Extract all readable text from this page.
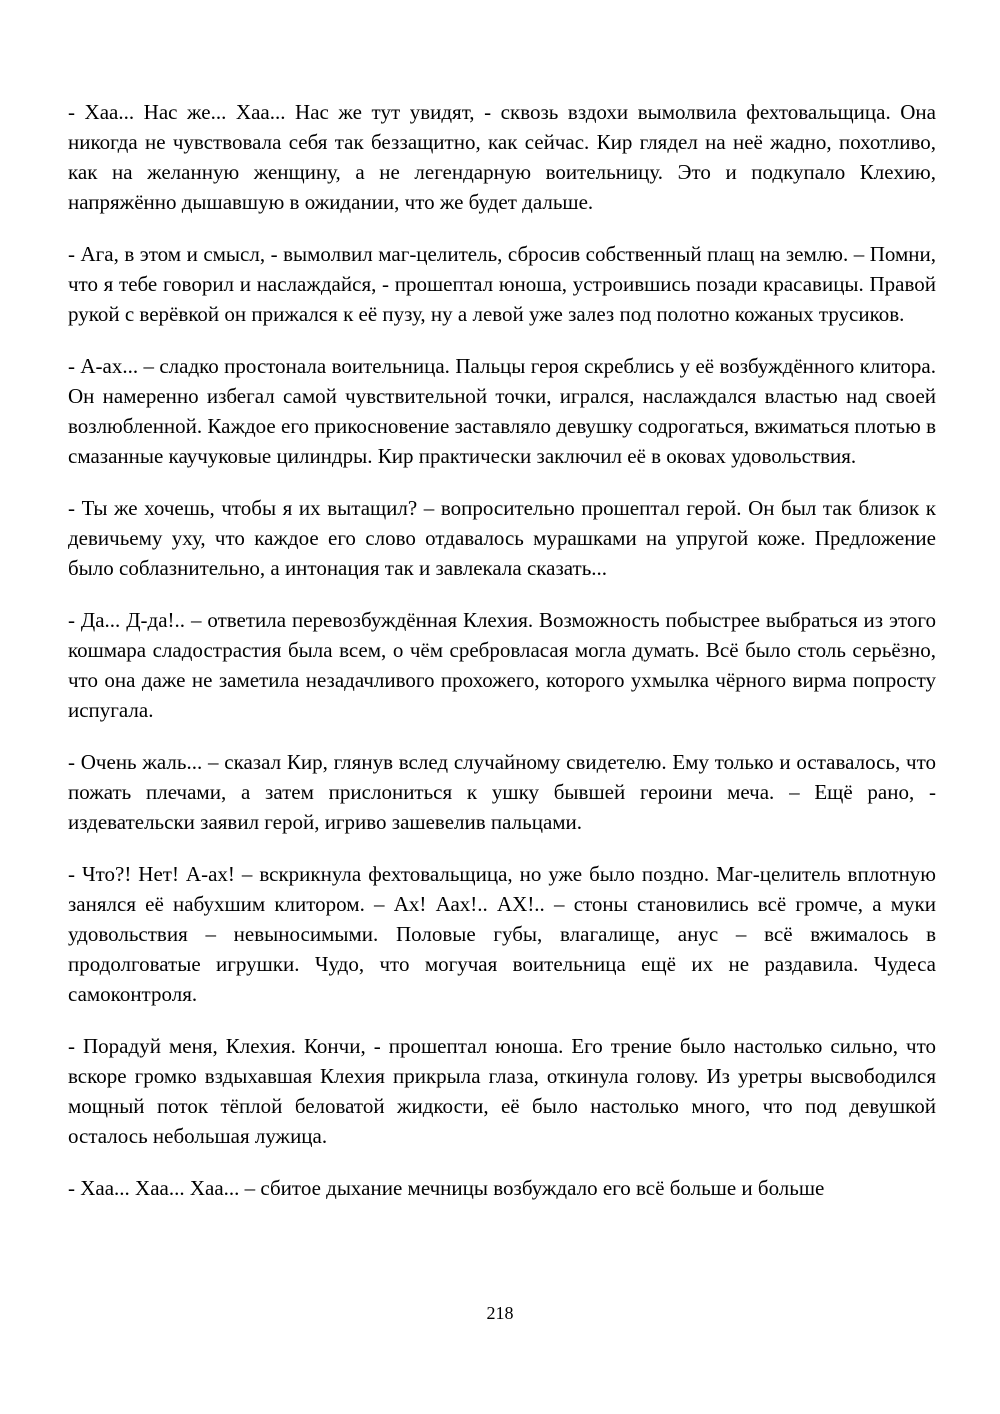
- Хаа... Нас же... Хаа... Нас же тут увидят, - сквозь вздохи вымолвила фехтовальщица. Она никогда не чувствовала себя так беззащитно, как сейчас. Кир глядел на неё жадно, похотливо, как на желанную женщину, а не легендарную воительницу. Это и подкупало Клехию, напряжённо дышавшую в ожидании, что же будет дальше.

- Ага, в этом и смысл, - вымолвил маг-целитель, сбросив собственный плащ на землю. – Помни, что я тебе говорил и наслаждайся, - прошептал юноша, устроившись позади красавицы. Правой рукой с верёвкой он прижался к её пузу, ну а левой уже залез под полотно кожаных трусиков.

- А-ах... – сладко простонала воительница. Пальцы героя скреблись у её возбуждённого клитора. Он намеренно избегал самой чувствительной точки, игрался, наслаждался властью над своей возлюбленной. Каждое его прикосновение заставляло девушку содрогаться, вжиматься плотью в смазанные каучуковые цилиндры. Кир практически заключил её в оковах удовольствия.

- Ты же хочешь, чтобы я их вытащил? – вопросительно прошептал герой. Он был так близок к девичьему уху, что каждое его слово отдавалось мурашками на упругой коже. Предложение было соблазнительно, а интонация так и завлекала сказать...

- Да... Д-да!.. – ответила перевозбуждённая Клехия. Возможность побыстрее выбраться из этого кошмара сладострастия была всем, о чём сребровласая могла думать. Всё было столь серьёзно, что она даже не заметила незадачливого прохожего, которого ухмылка чёрного вирма попросту испугала.

- Очень жаль... – сказал Кир, глянув вслед случайному свидетелю. Ему только и оставалось, что пожать плечами, а затем прислониться к ушку бывшей героини меча. – Ещё рано, - издевательски заявил герой, игриво зашевелив пальцами.

- Что?! Нет! А-ах! – вскрикнула фехтовальщица, но уже было поздно. Маг-целитель вплотную занялся её набухшим клитором. – Ах! Аах!.. АХ!.. – стоны становились всё громче, а муки удовольствия – невыносимыми. Половые губы, влагалище, анус – всё вжималось в продолговатые игрушки. Чудо, что могучая воительница ещё их не раздавила. Чудеса самоконтроля.

- Порадуй меня, Клехия. Кончи, - прошептал юноша. Его трение было настолько сильно, что вскоре громко вздыхавшая Клехия прикрыла глаза, откинула голову. Из уретры высвободился мощный поток тёплой беловатой жидкости, её было настолько много, что под девушкой осталось небольшая лужица.

- Хаа... Хаа... Хаа... – сбитое дыхание мечницы возбуждало его всё больше и больше

218
